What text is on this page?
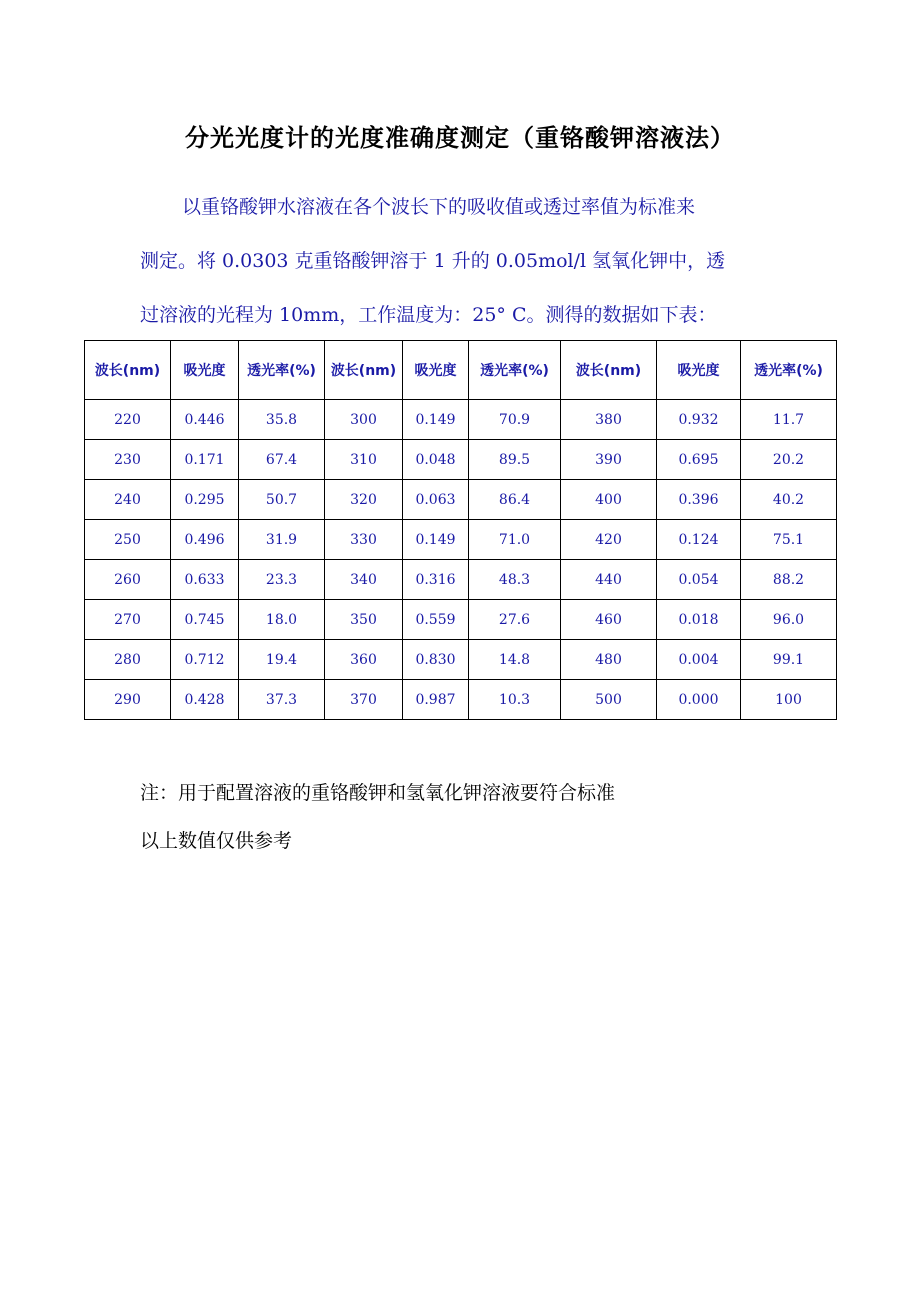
分光光度计的光度准确度测定（重铬酸钾溶液法）

以重铬酸钾水溶液在各个波长下的吸收值或透过率值为标准来

测定。将 0.0303 克重铬酸钾溶于 1 升的 0.05mol/l 氢氧化钾中，透

过溶液的光程为 10mm，工作温度为：25° C。测得的数据如下表：

波长(nm)	吸光度	透光率(%)	波长(nm)	吸光度	透光率(%)	波长(nm)	吸光度	透光率(%)
220	0.446	35.8	300	0.149	70.9	380	0.932	11.7
230	0.171	67.4	310	0.048	89.5	390	0.695	20.2
240	0.295	50.7	320	0.063	86.4	400	0.396	40.2
250	0.496	31.9	330	0.149	71.0	420	0.124	75.1
260	0.633	23.3	340	0.316	48.3	440	0.054	88.2
270	0.745	18.0	350	0.559	27.6	460	0.018	96.0
280	0.712	19.4	360	0.830	14.8	480	0.004	99.1
290	0.428	37.3	370	0.987	10.3	500	0.000	100
注：用于配置溶液的重铬酸钾和氢氧化钾溶液要符合标准
以上数值仅供参考
